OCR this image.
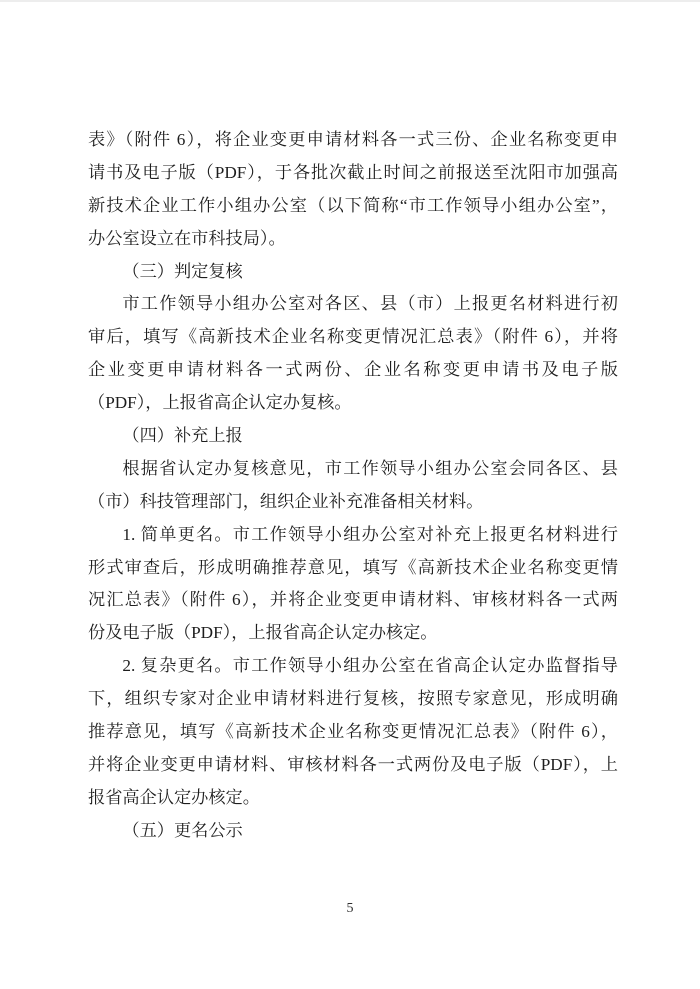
表》（附件 6），将企业变更申请材料各一式三份、企业名称变更申
请书及电子版（PDF），于各批次截止时间之前报送至沈阳市加强高
新技术企业工作小组办公室（以下简称“市工作领导小组办公室”，
办公室设立在市科技局）。
（三）判定复核
市工作领导小组办公室对各区、县（市）上报更名材料进行初
审后，填写《高新技术企业名称变更情况汇总表》（附件 6），并将
企业变更申请材料各一式两份、企业名称变更申请书及电子版
（PDF），上报省高企认定办复核。
（四）补充上报
根据省认定办复核意见，市工作领导小组办公室会同各区、县
（市）科技管理部门，组织企业补充准备相关材料。
1. 简单更名。市工作领导小组办公室对补充上报更名材料进行
形式审查后，形成明确推荐意见，填写《高新技术企业名称变更情
况汇总表》（附件 6），并将企业变更申请材料、审核材料各一式两
份及电子版（PDF），上报省高企认定办核定。
2. 复杂更名。市工作领导小组办公室在省高企认定办监督指导
下，组织专家对企业申请材料进行复核，按照专家意见，形成明确
推荐意见，填写《高新技术企业名称变更情况汇总表》（附件 6），
并将企业变更申请材料、审核材料各一式两份及电子版（PDF），上
报省高企认定办核定。
（五）更名公示
5
